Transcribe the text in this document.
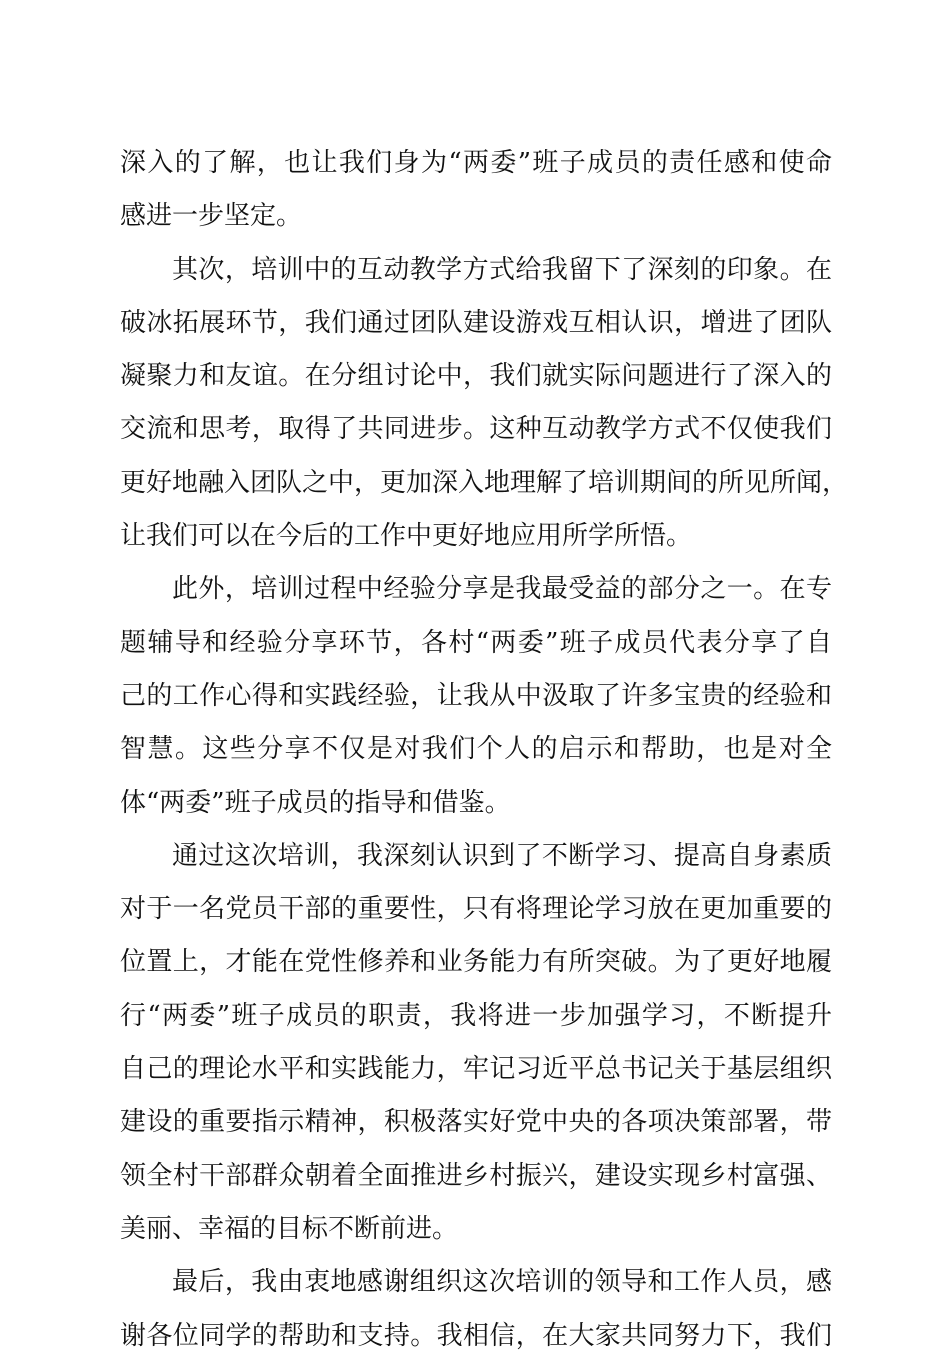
深入的了解，也让我们身为“两委”班子成员的责任感和使命
感进一步坚定。
其次，培训中的互动教学方式给我留下了深刻的印象。在
破冰拓展环节，我们通过团队建设游戏互相认识，增进了团队
凝聚力和友谊。在分组讨论中，我们就实际问题进行了深入的
交流和思考，取得了共同进步。这种互动教学方式不仅使我们
更好地融入团队之中，更加深入地理解了培训期间的所见所闻，
让我们可以在今后的工作中更好地应用所学所悟。
此外，培训过程中经验分享是我最受益的部分之一。在专
题辅导和经验分享环节，各村“两委”班子成员代表分享了自
己的工作心得和实践经验，让我从中汲取了许多宝贵的经验和
智慧。这些分享不仅是对我们个人的启示和帮助，也是对全
体“两委”班子成员的指导和借鉴。
通过这次培训，我深刻认识到了不断学习、提高自身素质
对于一名党员干部的重要性，只有将理论学习放在更加重要的
位置上，才能在党性修养和业务能力有所突破。为了更好地履
行“两委”班子成员的职责，我将进一步加强学习，不断提升
自己的理论水平和实践能力，牢记习近平总书记关于基层组织
建设的重要指示精神，积极落实好党中央的各项决策部署，带
领全村干部群众朝着全面推进乡村振兴，建设实现乡村富强、
美丽、幸福的目标不断前进。
最后，我由衷地感谢组织这次培训的领导和工作人员，感
谢各位同学的帮助和支持。我相信，在大家共同努力下，我们
